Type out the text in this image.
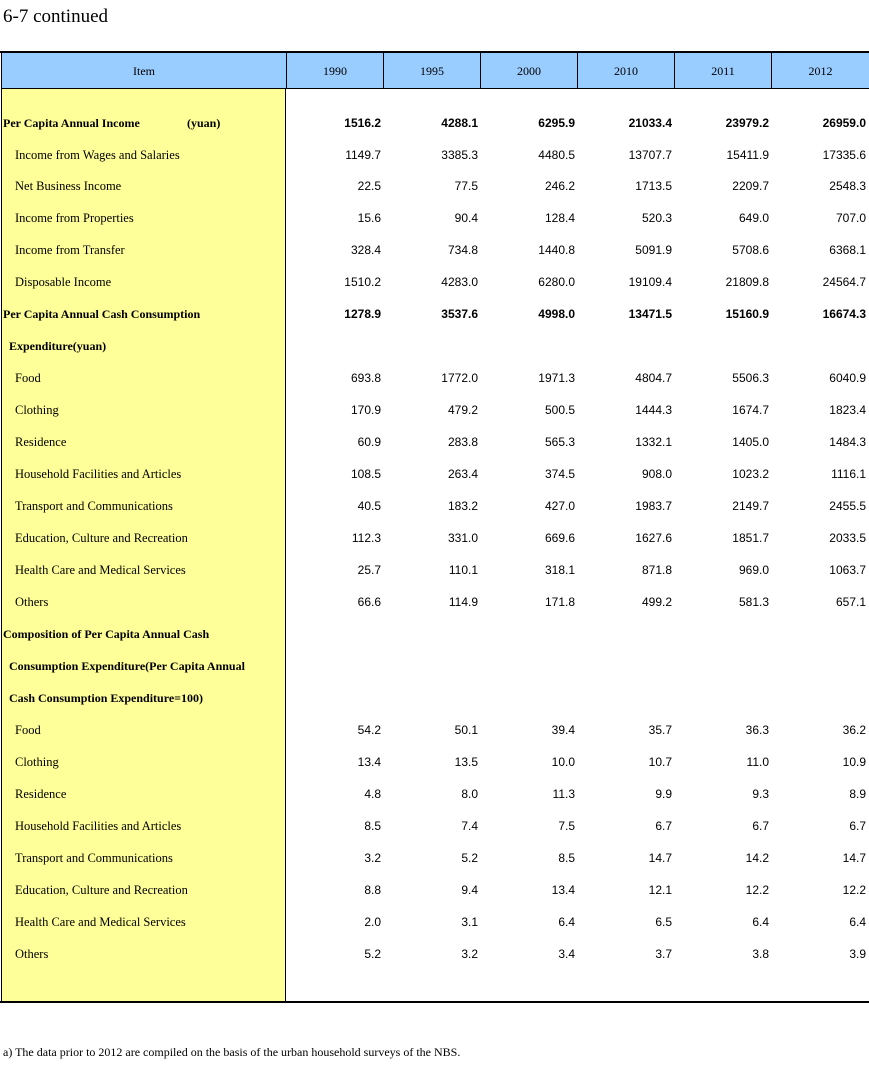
6-7 continued
Item	1990	1995	2000	2010	2011	2012
Per Capita Annual Income	(yuan)	1516.2	4288.1	6295.9	21033.4	23979.2	26959.0
Income from Wages and Salaries	1149.7	3385.3	4480.5	13707.7	15411.9	17335.6
Net Business Income	22.5	77.5	246.2	1713.5	2209.7	2548.3
Income from Properties	15.6	90.4	128.4	520.3	649.0	707.0
Income from Transfer	328.4	734.8	1440.8	5091.9	5708.6	6368.1
Disposable Income	1510.2	4283.0	6280.0	19109.4	21809.8	24564.7
Per Capita Annual Cash Consumption	1278.9	3537.6	4998.0	13471.5	15160.9	16674.3
Expenditure(yuan)
Food	693.8	1772.0	1971.3	4804.7	5506.3	6040.9
Clothing	170.9	479.2	500.5	1444.3	1674.7	1823.4
Residence	60.9	283.8	565.3	1332.1	1405.0	1484.3
Household Facilities and Articles	108.5	263.4	374.5	908.0	1023.2	1116.1
Transport and Communications	40.5	183.2	427.0	1983.7	2149.7	2455.5
Education, Culture and Recreation	112.3	331.0	669.6	1627.6	1851.7	2033.5
Health Care and Medical Services	25.7	110.1	318.1	871.8	969.0	1063.7
Others	66.6	114.9	171.8	499.2	581.3	657.1
Composition of Per Capita Annual Cash
Consumption Expenditure(Per Capita Annual
Cash Consumption Expenditure=100)
Food	54.2	50.1	39.4	35.7	36.3	36.2
Clothing	13.4	13.5	10.0	10.7	11.0	10.9
Residence	4.8	8.0	11.3	9.9	9.3	8.9
Household Facilities and Articles	8.5	7.4	7.5	6.7	6.7	6.7
Transport and Communications	3.2	5.2	8.5	14.7	14.2	14.7
Education, Culture and Recreation	8.8	9.4	13.4	12.1	12.2	12.2
Health Care and Medical Services	2.0	3.1	6.4	6.5	6.4	6.4
Others	5.2	3.2	3.4	3.7	3.8	3.9
a) The data prior to 2012 are compiled on the basis of the urban household surveys of the NBS.
